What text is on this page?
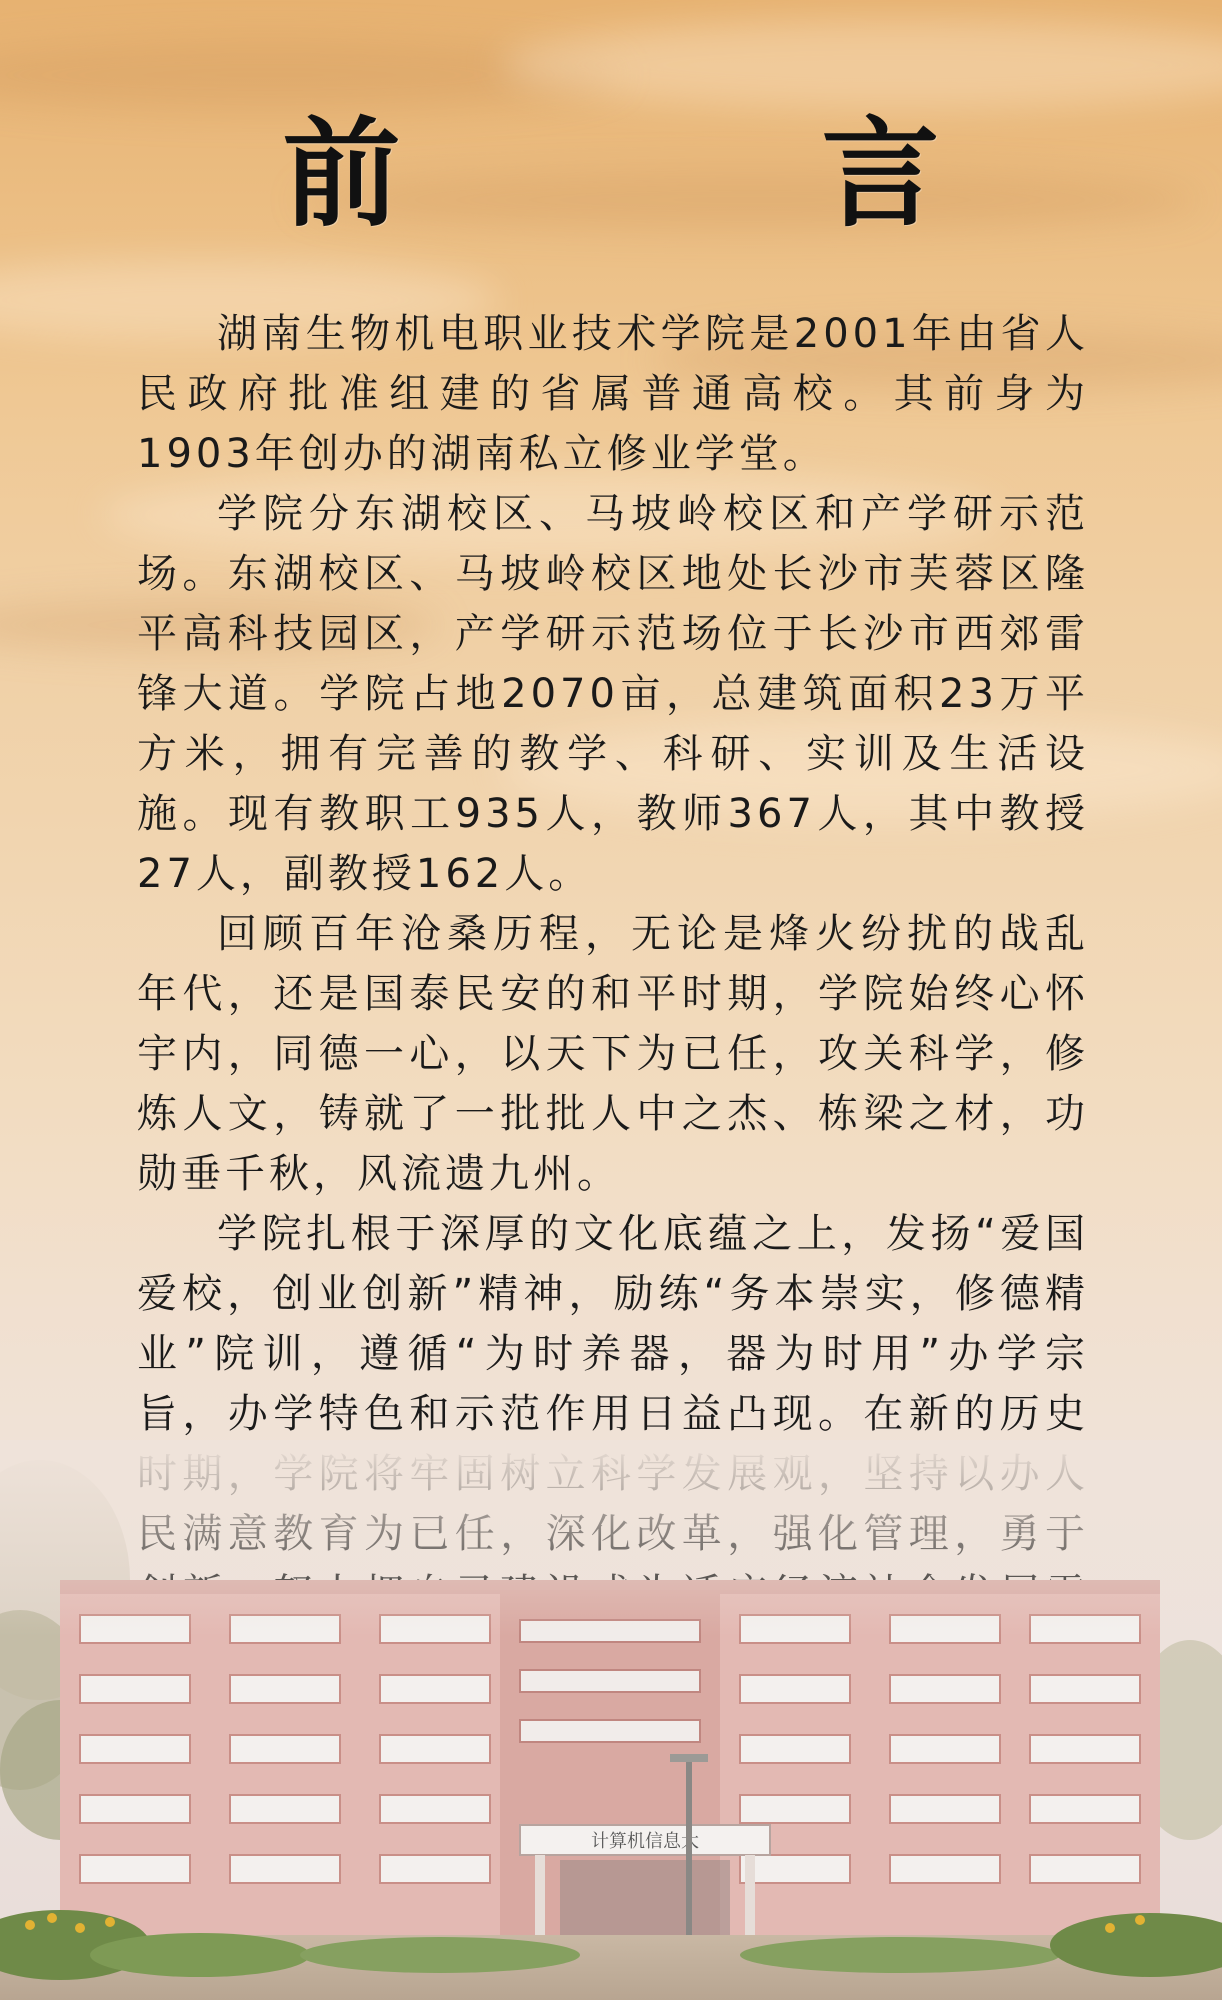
前 言

湖南生物机电职业技术学院是2001年由省人民政府批准组建的省属普通高校。其前身为1903年创办的湖南私立修业学堂。

学院分东湖校区、马坡岭校区和产学研示范场。东湖校区、马坡岭校区地处长沙市芙蓉区隆平高科技园区，产学研示范场位于长沙市西郊雷锋大道。学院占地2070亩，总建筑面积23万平方米，拥有完善的教学、科研、实训及生活设施。现有教职工935人，教师367人，其中教授27人，副教授162人。

回顾百年沧桑历程，无论是烽火纷扰的战乱年代，还是国泰民安的和平时期，学院始终心怀宇内，同德一心，以天下为已任，攻关科学，修炼人文，铸就了一批批人中之杰、栋梁之材，功勋垂千秋，风流遗九州。

学院扎根于深厚的文化底蕴之上，发扬“爱国爱校，创业创新”精神，励练“务本崇实，修德精业”院训，遵循“为时养器，器为时用”办学宗旨，办学特色和示范作用日益凸现。在新的历史
